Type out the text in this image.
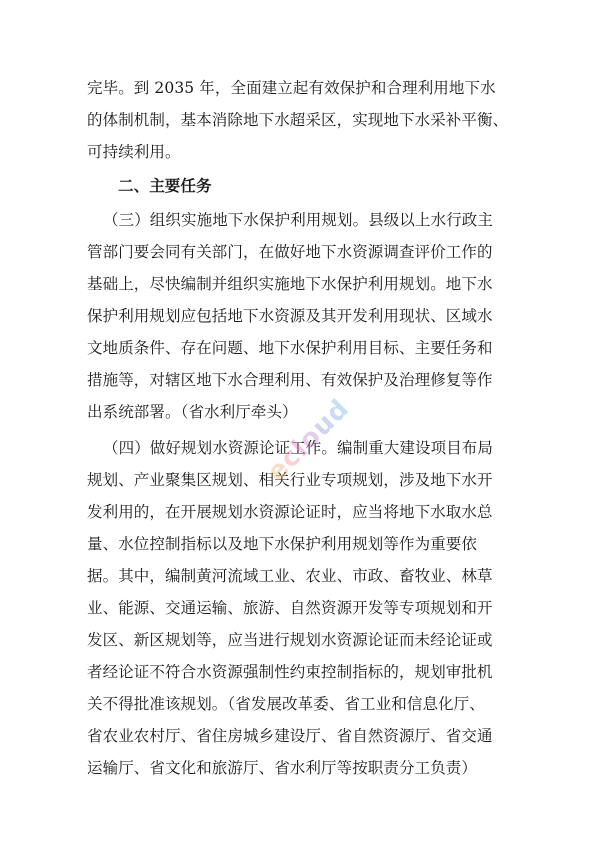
完毕。到 2035 年，全面建立起有效保护和合理利用地下水
的体制机制，基本消除地下水超采区，实现地下水采补平衡、
可持续利用。
二、主要任务
（三）组织实施地下水保护利用规划。县级以上水行政主
管部门要会同有关部门，在做好地下水资源调查评价工作的
基础上，尽快编制并组织实施地下水保护利用规划。地下水
保护利用规划应包括地下水资源及其开发利用现状、区域水
文地质条件、存在问题、地下水保护利用目标、主要任务和
措施等，对辖区地下水合理利用、有效保护及治理修复等作
出系统部署。（省水利厅牵头）
（四）做好规划水资源论证工作。编制重大建设项目布局
规划、产业聚集区规划、相关行业专项规划，涉及地下水开
发利用的，在开展规划水资源论证时，应当将地下水取水总
量、水位控制指标以及地下水保护利用规划等作为重要依
据。其中，编制黄河流域工业、农业、市政、畜牧业、林草
业、能源、交通运输、旅游、自然资源开发等专项规划和开
发区、新区规划等，应当进行规划水资源论证而未经论证或
者经论证不符合水资源强制性约束控制指标的，规划审批机
关不得批准该规划。（省发展改革委、省工业和信息化厅、
省农业农村厅、省住房城乡建设厅、省自然资源厅、省交通
运输厅、省文化和旅游厅、省水利厅等按职责分工负责）
ecloud
